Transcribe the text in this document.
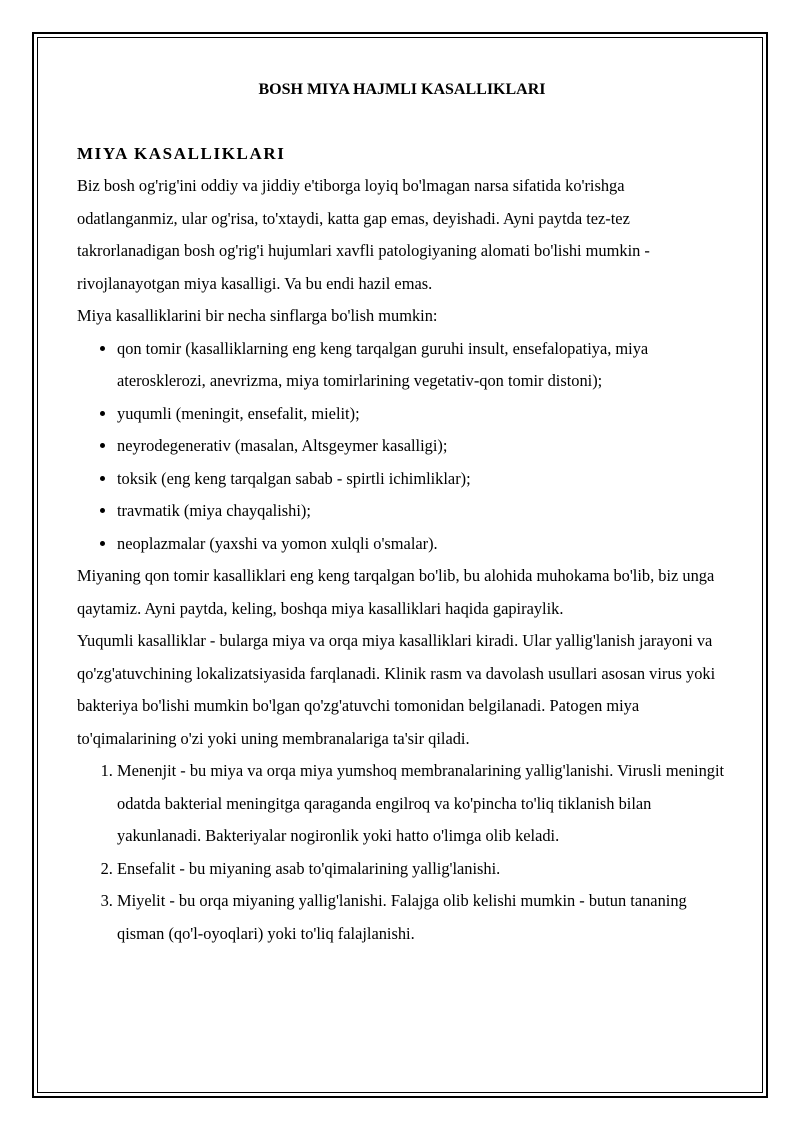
BOSH MIYA HAJMLI KASALLIKLARI
MIYA KASALLIKLARI

Biz bosh og'rig'ini oddiy va jiddiy e'tiborga loyiq bo'lmagan narsa sifatida ko'rishga odatlanganmiz, ular og'risa, to'xtaydi, katta gap emas, deyishadi. Ayni paytda tez-tez takrorlanadigan bosh og'rig'i hujumlari xavfli patologiyaning alomati bo'lishi mumkin - rivojlanayotgan miya kasalligi. Va bu endi hazil emas.

Miya kasalliklarini bir necha sinflarga bo'lish mumkin:

• qon tomir (kasalliklarning eng keng tarqalgan guruhi insult, ensefalopatiya, miya aterosklerozi, anevrizma, miya tomirlarining vegetativ-qon tomir distoni);
• yuqumli (meningit, ensefalit, mielit);
• neyrodegenerativ (masalan, Altsgeymer kasalligi);
• toksik (eng keng tarqalgan sabab - spirtli ichimliklar);
• travmatik (miya chayqalishi);
• neoplazmalar (yaxshi va yomon xulqli o'smalar).

Miyaning qon tomir kasalliklari eng keng tarqalgan bo'lib, bu alohida muhokama bo'lib, biz unga qaytamiz. Ayni paytda, keling, boshqa miya kasalliklari haqida gapiraylik.

Yuqumli kasalliklar - bularga miya va orqa miya kasalliklari kiradi. Ular yallig'lanish jarayoni va qo'zg'atuvchining lokalizatsiyasida farqlanadi. Klinik rasm va davolash usullari asosan virus yoki bakteriya bo'lishi mumkin bo'lgan qo'zg'atuvchi tomonidan belgilanadi. Patogen miya to'qimalarining o'zi yoki uning membranalariga ta'sir qiladi.

1. Menenjit - bu miya va orqa miya yumshoq membranalarining yallig'lanishi. Virusli meningit odatda bakterial meningitga qaraganda engilroq va ko'pincha to'liq tiklanish bilan yakunlanadi. Bakteriyalar nogironlik yoki hatto o'limga olib keladi.
2. Ensefalit - bu miyaning asab to'qimalarining yallig'lanishi.
3. Miyelit - bu orqa miyaning yallig'lanishi. Falajga olib kelishi mumkin - butun tananing qisman (qo'l-oyoqlari) yoki to'liq falajlanishi.
